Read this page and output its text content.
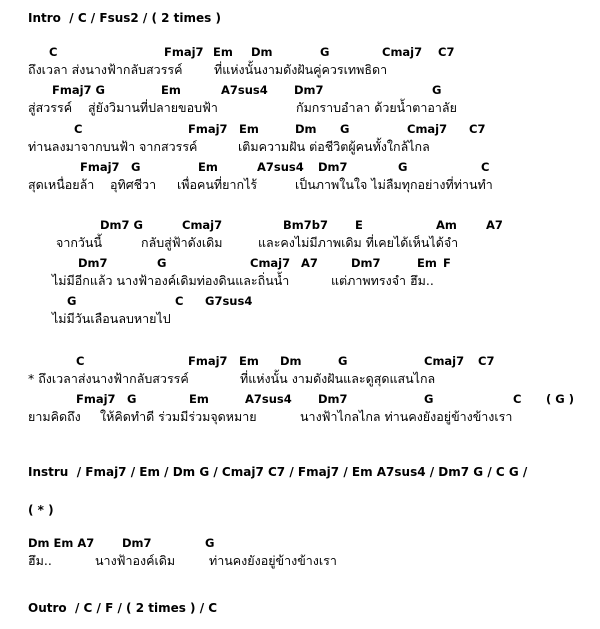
Intro  / C / Fsus2 / ( 2 times )
C	Fmaj7 Em Dm	G	Cmaj7 C7
ถึงเวลา ส่งนางฟ้ากลับสวรรค์	ที่แห่งนั้นงามดังฝันคู่ควรเทพธิดา
Fmaj7 G	Em	A7sus4 Dm7	G
สู่สวรรค์ สู่ยังวิมานที่ปลายขอบฟ้า	กัมกราบอำลา ด้วยน้ำตาอาลัย
C	Fmaj7 Em	Dm G	Cmaj7 C7
ท่านลงมาจากบนฟ้า จากสวรรค์	เติมความฝัน ต่อชีวิตผู้คนทั้งใกล้ไกล
Fmaj7 G	Em	A7sus4 Dm7	G	C
สุดเหนื่อยล้า อุทิศชีวา เพื่อคนที่ยากไร้	เป็นภาพในใจ ไม่ลืมทุกอย่างที่ท่านทำ
Dm7 G	Cmaj7	Bm7b7 E	Am	A7
จากวันนี้	กลับสู่ฟ้าดังเดิม	และคงไม่มีภาพเดิม ที่เคยได้เห็นได้จำ
Dm7	G	Cmaj7 A7	Dm7	Em F
ไม่มีอีกแล้ว นางฟ้าองค์เดิมท่องดินและถิ่นน้ำ	แต่ภาพทรงจำ ฮึม..
G	C G7sus4
ไม่มีวันเลือนลบหายไป
C	Fmaj7 Em Dm	G	Cmaj7 C7
* ถึงเวลาส่งนางฟ้ากลับสวรรค์	ที่แห่งนั้น งามดังฝันและดูสุดแสนไกล
Fmaj7 G	Em	A7sus4 Dm7	G	C ( G )
ยามคิดถึง ให้คิดทำดี ร่วมมีร่วมจุดหมาย	นางฟ้าไกลไกล ท่านคงยังอยู่ข้างข้างเรา
Instru  / Fmaj7 / Em / Dm G / Cmaj7 C7 / Fmaj7 / Em A7sus4 / Dm7 G / C G /
( * )
Dm Em A7 Dm7	G
ฮึม..	นางฟ้าองค์เดิม	ท่านคงยังอยู่ข้างข้างเรา
Outro  / C / F / ( 2 times ) / C
